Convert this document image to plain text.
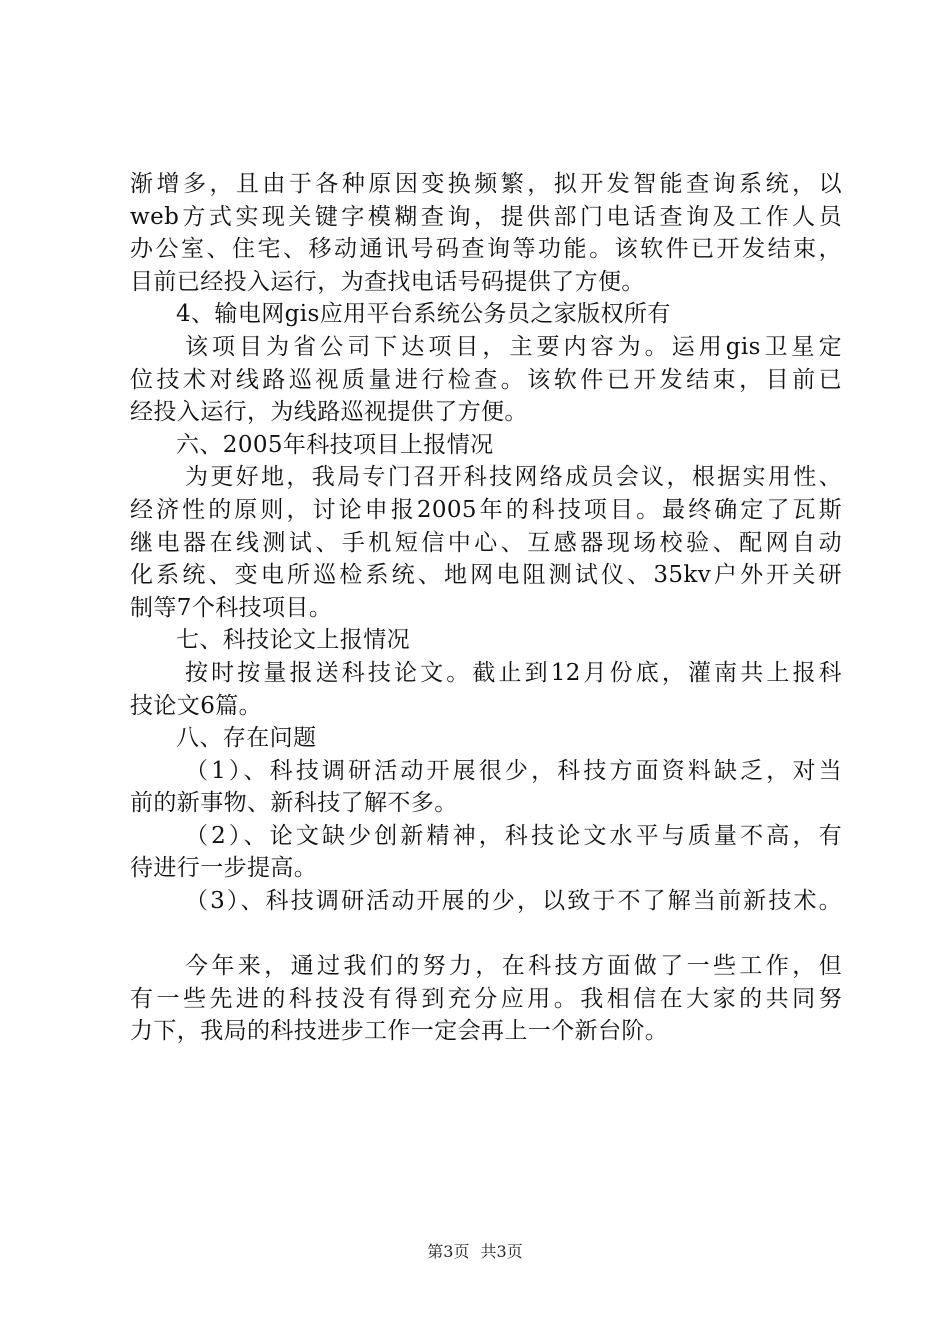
渐增多，且由于各种原因变换频繁，拟开发智能查询系统，以
web方式实现关键字模糊查询，提供部门电话查询及工作人员
办公室、住宅、移动通讯号码查询等功能。该软件已开发结束，
目前已经投入运行，为查找电话号码提供了方便。
4、输电网gis应用平台系统公务员之家版权所有
该项目为省公司下达项目，主要内容为。运用gis卫星定
位技术对线路巡视质量进行检查。该软件已开发结束，目前已
经投入运行，为线路巡视提供了方便。
六、2005年科技项目上报情况
为更好地，我局专门召开科技网络成员会议，根据实用性、
经济性的原则，讨论申报2005年的科技项目。最终确定了瓦斯
继电器在线测试、手机短信中心、互感器现场校验、配网自动
化系统、变电所巡检系统、地网电阻测试仪、35kv户外开关研
制等7个科技项目。
七、科技论文上报情况
按时按量报送科技论文。截止到12月份底，灌南共上报科
技论文6篇。
八、存在问题
（1）、科技调研活动开展很少，科技方面资料缺乏，对当
前的新事物、新科技了解不多。
（2）、论文缺少创新精神，科技论文水平与质量不高，有
待进行一步提高。
（3）、科技调研活动开展的少，以致于不了解当前新技术。
今年来，通过我们的努力，在科技方面做了一些工作，但
有一些先进的科技没有得到充分应用。我相信在大家的共同努
力下，我局的科技进步工作一定会再上一个新台阶。
第3页 共3页
